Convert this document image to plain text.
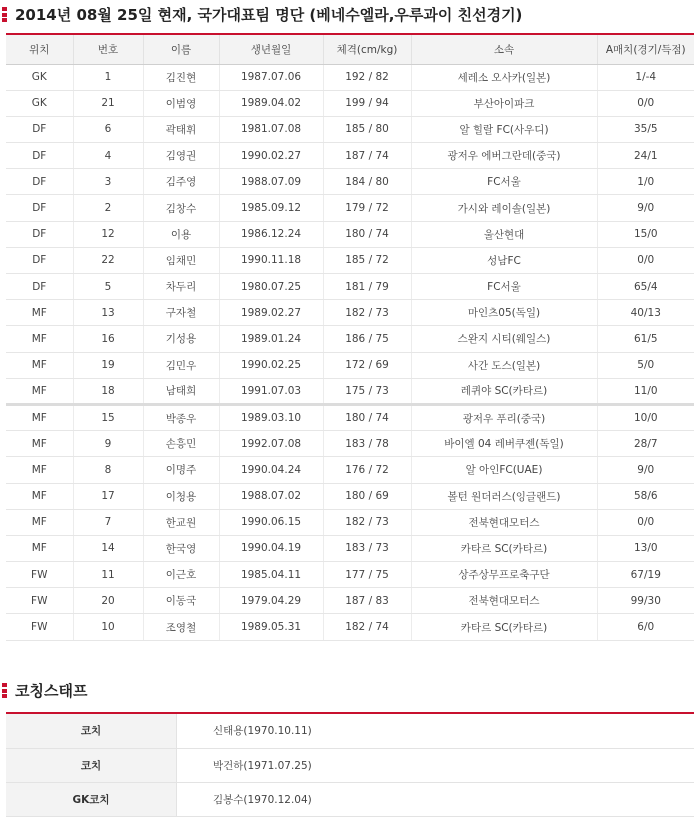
2014년 08월 25일 현재, 국가대표팀 명단 (베네수엘라,우루과이 친선경기)
위치	번호	이름	생년월일	체격(cm/kg)	소속	A매치(경기/득점)
GK	1	김진현	1987.07.06	192 / 82	세레소 오사카(일본)	1/-4
GK	21	이범영	1989.04.02	199 / 94	부산아이파크	0/0
DF	6	곽태휘	1981.07.08	185 / 80	알 힐랄 FC(사우디)	35/5
DF	4	김영권	1990.02.27	187 / 74	광저우 에버그란데(중국)	24/1
DF	3	김주영	1988.07.09	184 / 80	FC서울	1/0
DF	2	김창수	1985.09.12	179 / 72	가시와 레이솔(일본)	9/0
DF	12	이용	1986.12.24	180 / 74	울산현대	15/0
DF	22	임채민	1990.11.18	185 / 72	성남FC	0/0
DF	5	차두리	1980.07.25	181 / 79	FC서울	65/4
MF	13	구자철	1989.02.27	182 / 73	마인츠05(독일)	40/13
MF	16	기성용	1989.01.24	186 / 75	스완지 시티(웨일스)	61/5
MF	19	김민우	1990.02.25	172 / 69	사간 도스(일본)	5/0
MF	18	남태희	1991.07.03	175 / 73	레퀴야 SC(카타르)	11/0
MF	15	박종우	1989.03.10	180 / 74	광저우 푸리(중국)	10/0
MF	9	손흥민	1992.07.08	183 / 78	바이엘 04 레버쿠젠(독일)	28/7
MF	8	이명주	1990.04.24	176 / 72	알 아인FC(UAE)	9/0
MF	17	이청용	1988.07.02	180 / 69	볼턴 원더러스(잉글랜드)	58/6
MF	7	한교원	1990.06.15	182 / 73	전북현대모터스	0/0
MF	14	한국영	1990.04.19	183 / 73	카타르 SC(카타르)	13/0
FW	11	이근호	1985.04.11	177 / 75	상주상무프로축구단	67/19
FW	20	이동국	1979.04.29	187 / 83	전북현대모터스	99/30
FW	10	조영철	1989.05.31	182 / 74	카타르 SC(카타르)	6/0
코칭스태프
코치	신태용(1970.10.11)
코치	박건하(1971.07.25)
GK코치	김봉수(1970.12.04)
